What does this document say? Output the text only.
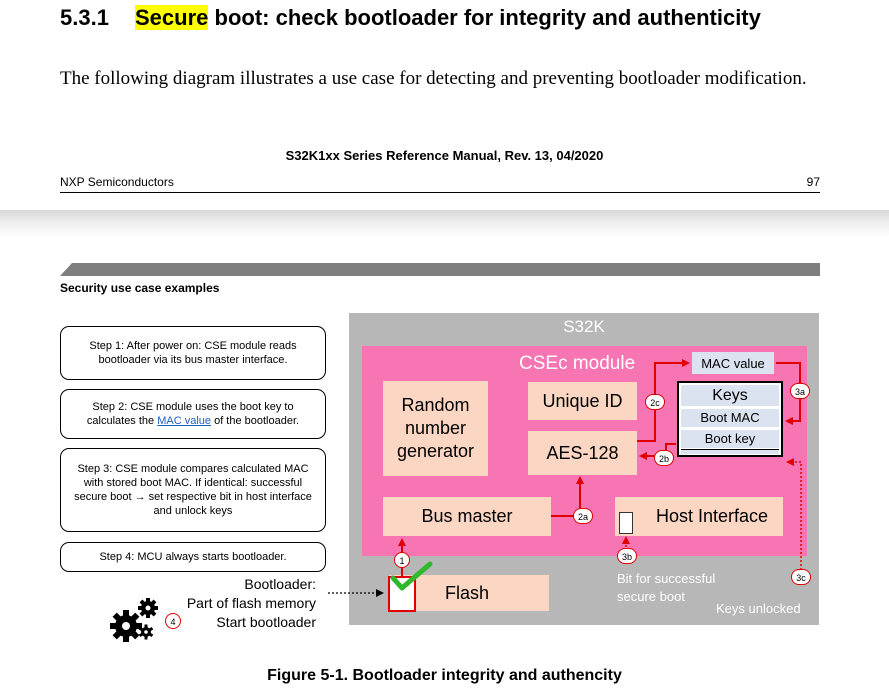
5.3.1 Secure boot: check bootloader for integrity and authenticity
The following diagram illustrates a use case for detecting and preventing bootloader modification.
S32K1xx Series Reference Manual, Rev. 13, 04/2020
NXP Semiconductors	97
Security use case examples
Step 1: After power on: CSE module reads bootloader via its bus master interface.
Step 2: CSE module uses the boot key to calculates the MAC value of the bootloader.
Step 3: CSE module compares calculated MAC with stored boot MAC. If identical: successful secure boot → set respective bit in host interface and unlock keys
Step 4: MCU always starts bootloader.
Bootloader:
Part of flash memory
Start bootloader
4
S32K
CSEc module
Random number generator
Unique ID
AES-128
Bus master	Host Interface
MAC value
Keys
Boot MAC
Boot key
Flash
Bit for successful
secure boot
Keys unlocked
1
2a
2b
2c
3a
3b
3c
Figure 5-1. Bootloader integrity and authencity
